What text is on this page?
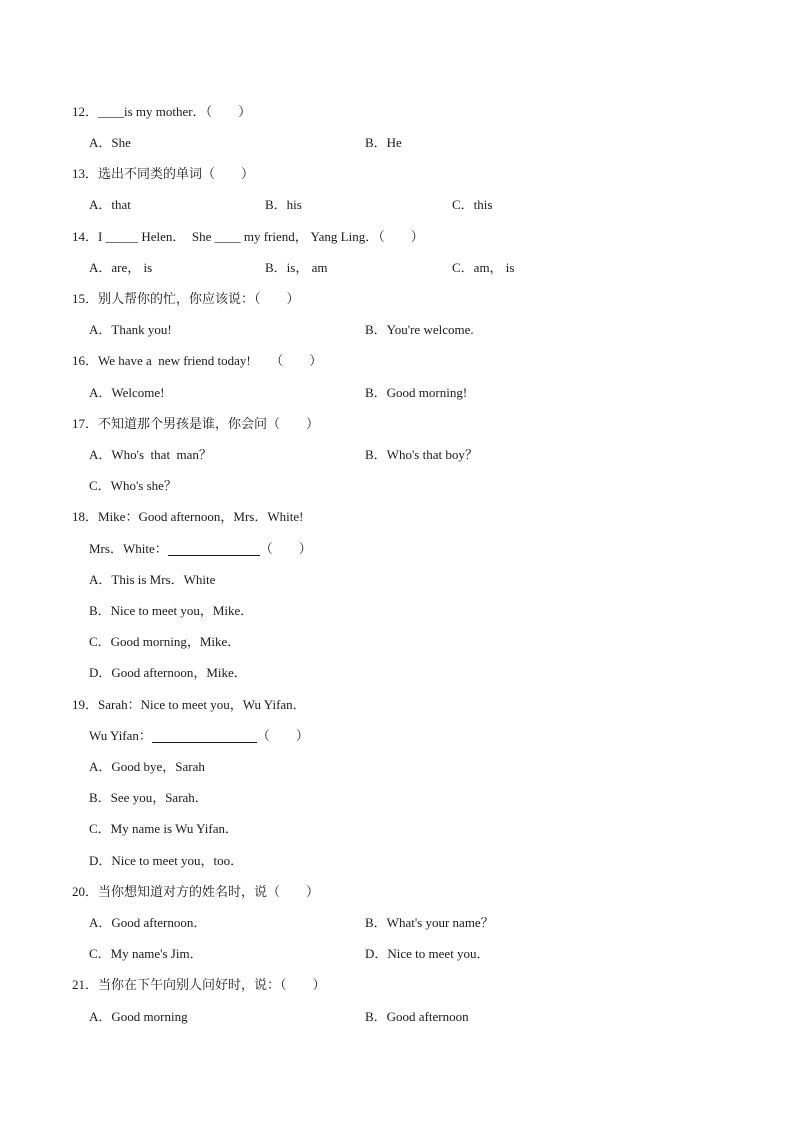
12．____is my mother．（　　）

A．She

	B．He

13．选出不同类的单词（　　）

A．that

	B．his

	C．this

14．I _____ Helen．  She ____ my friend， Yang Ling．（　　）

A．are， is

	B．is， am

	C．am， is

15．别人帮你的忙，你应该说：（　　）

A．Thank you!

	B．You're welcome.

16．We have a  new friend today!　　（　　）

A．Welcome!

	B．Good morning!

17．不知道那个男孩是谁，你会问（　　）

A．Who's  that  man？

	B．Who's that boy？

C．Who's she？
18．Mike：Good afternoon，Mrs．White!
Mrs．White：	（　　）
A．This is Mrs．White
B．Nice to meet you，Mike．
C．Good morning，Mike．
D．Good afternoon，Mike．
19．Sarah：Nice to meet you，Wu Yifan．
Wu Yifan：	（　　）
A．Good bye，Sarah
B．See you，Sarah．
C．My name is Wu Yifan．
D．Nice to meet you，too．
20．当你想知道对方的姓名时，说（　　）

A．Good afternoon．

	B．What's your name？

C．My name's Jim．

	D．Nice to meet you．

21．当你在下午向别人问好时，说：（　　）

A．Good morning

	B．Good afternoon
